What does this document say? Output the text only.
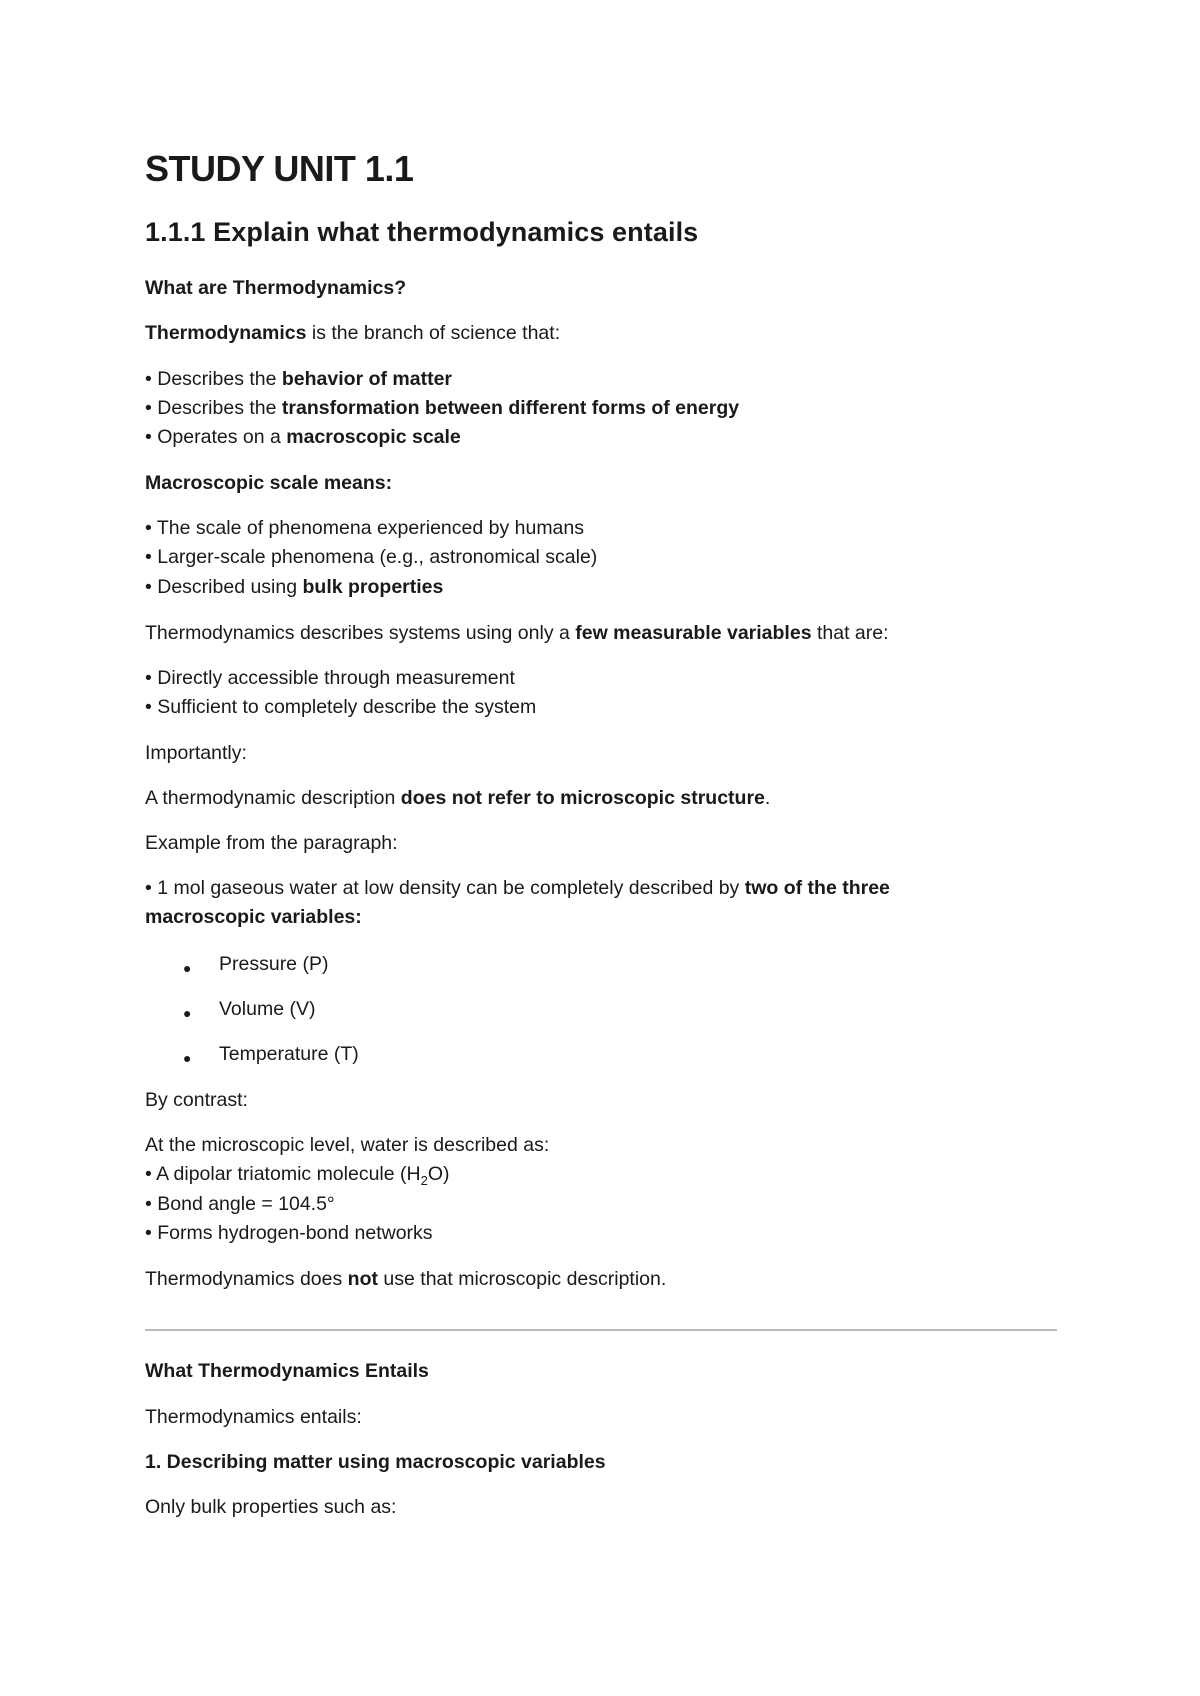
STUDY UNIT 1.1
1.1.1 Explain what thermodynamics entails

What are Thermodynamics?

Thermodynamics is the branch of science that:

• Describes the behavior of matter

• Describes the transformation between different forms of energy

• Operates on a macroscopic scale

Macroscopic scale means:

• The scale of phenomena experienced by humans

• Larger-scale phenomena (e.g., astronomical scale)

• Described using bulk properties

Thermodynamics describes systems using only a few measurable variables that are:

• Directly accessible through measurement

• Sufficient to completely describe the system

Importantly:

A thermodynamic description does not refer to microscopic structure.

Example from the paragraph:

• 1 mol gaseous water at low density can be completely described by two of the three

macroscopic variables:

● Pressure (P)

● Volume (V)

● Temperature (T)

By contrast:

At the microscopic level, water is described as:

• A dipolar triatomic molecule $(H_2O)$

• Bond angle = 104.5°

• Forms hydrogen-bond networks

Thermodynamics does not use that microscopic description.

What Thermodynamics Entails

Thermodynamics entails:

1. Describing matter using macroscopic variables

Only bulk properties such as:
